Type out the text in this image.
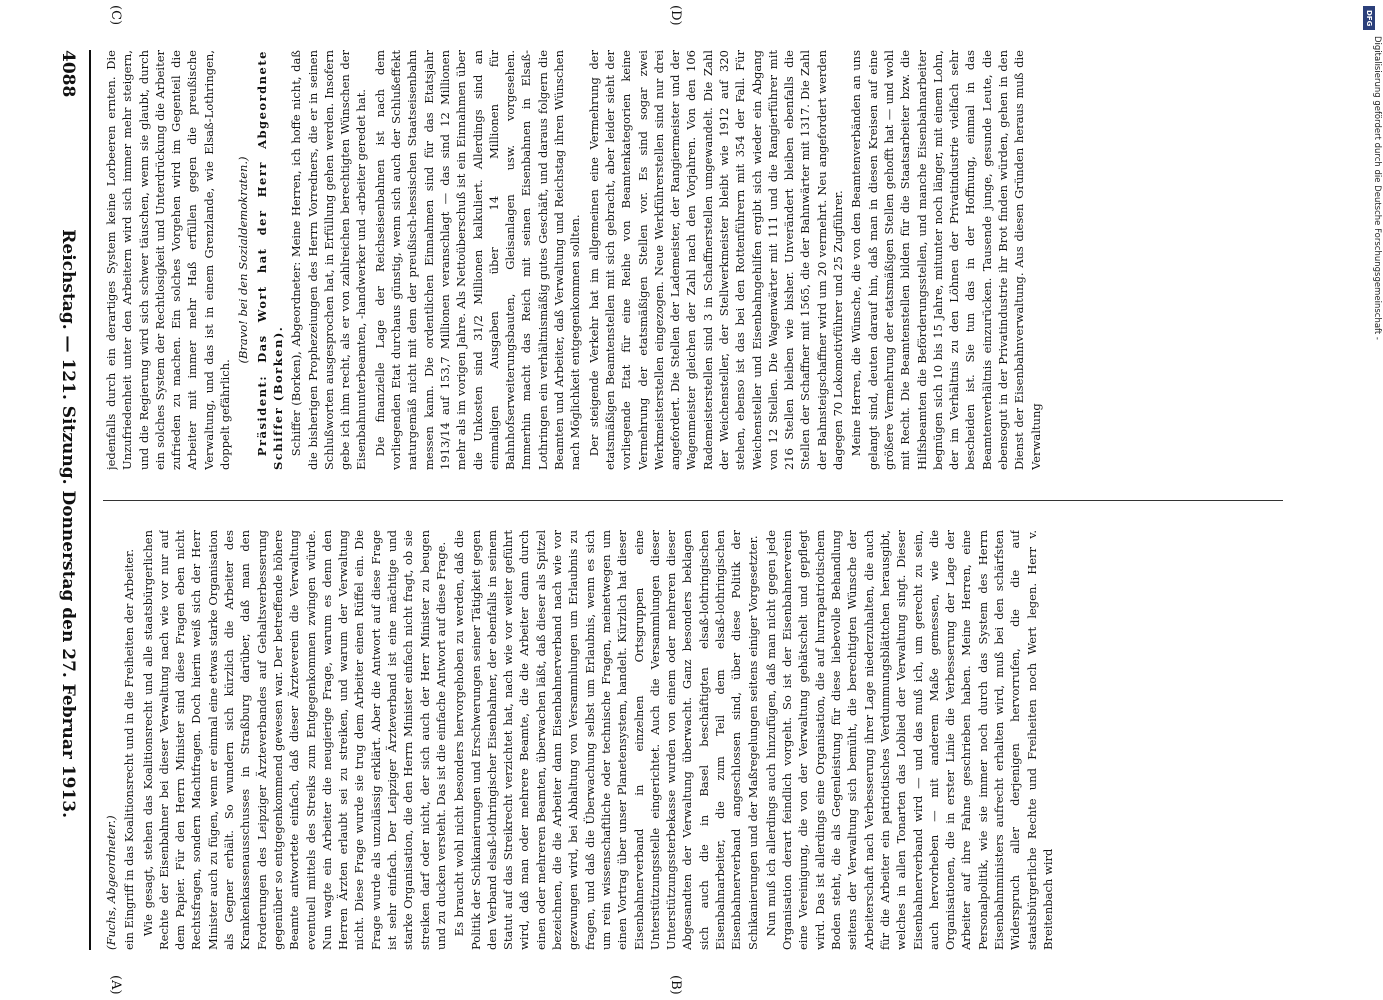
4088
Reichstag. — 121. Sitzung. Donnerstag den 27. Februar 1913.
(A)	(B)
(C)	(D)

(Fuchs, Abgeordneter.) ein Eingriff in das Koalitionsrecht und in die Freiheiten der Arbeiter. Wie gesagt, stehen das Koalitionsrecht und alle staatsbürgerlichen Rechte der Eisenbahner bei dieser Verwaltung nach wie vor nur auf dem Papier. Für den Herrn Minister sind diese Fragen eben nicht Rechtsfragen, sondern Machtfragen. Doch hierin weiß sich der Herr Minister auch zu fügen, wenn er einmal eine etwas starke Organisation als Gegner erhält. So wundern sich kürzlich die Arbeiter des Krankenkassenausschusses in Straßburg darüber, daß man den Forderungen des Leipziger Ärzteverbandes auf Gehaltsverbesserung gegenüber so entgegenkommend gewesen war. Der betreffende höhere Beamte antwortete einfach, daß dieser Ärzteverein die Verwaltung eventuell mittels des Streiks zum Entgegenkommen zwingen würde. Nun wagte ein Arbeiter die neugierige Frage, warum es denn den Herren Ärzten erlaubt sei zu streiken, und warum der Verwaltung nicht. Diese Frage wurde sie trug dem Arbeiter einen Rüffel ein. Die Frage wurde als unzulässig erklärt. Aber die Antwort auf diese Frage ist sehr einfach. Der Leipziger Ärzteverband ist eine mächtige und starke Organisation, die den Herrn Minister einfach nicht fragt, ob sie streiken darf oder nicht, der sich auch der Herr Minister zu beugen und zu ducken versteht. Das ist die einfache Antwort auf diese Frage. Es braucht wohl nicht besonders hervorgehoben zu werden, daß die Politik der Schikanierungen und Erschwerungen seiner Tätigkeit gegen den Verband elsaß-lothringischer Eisenbahner, der ebenfalls in seinem Statut auf das Streikrecht verzichtet hat, nach wie vor weiter geführt wird, daß man oder mehrere Beamte, die die Arbeiter dann durch einen oder mehreren Beamten, überwachen läßt, daß dieser als Spitzel bezeichnen, die die Arbeiter dann Eisenbahnerverband nach wie vor gezwungen wird, bei Abhaltung von Versammlungen um Erlaubnis zu fragen, und daß die Überwachung selbst um Erlaubnis, wenn es sich um rein wissenschaftliche oder technische Fragen, meinetwegen um einen Vortrag über unser Planetensystem, handelt. Kürzlich hat dieser Eisenbahnerverband in einzelnen Ortsgruppen eine Unterstützungsstelle eingerichtet. Auch die Versammlungen dieser Unterstützungssterbekasse wurden von einem oder mehreren dieser Abgesandten der Verwaltung überwacht. Ganz besonders beklagen sich auch die in Basel beschäftigten elsaß-lothringischen Eisenbahnarbeiter, die zum Teil dem elsaß-lothringischen Eisenbahnerverband angeschlossen sind, über diese Politik der Schikanierungen und der Maßregelungen seitens einiger Vorgesetzter. Nun muß ich allerdings auch hinzufügen, daß man nicht gegen jede Organisation derart feindlich vorgeht. So ist der Eisenbahnerverein eine Vereinigung, die von der Verwaltung gehätschelt und gepflegt wird. Das ist allerdings eine Organisation, die auf hurrapatriotischem Boden steht, die als Gegenleistung für diese liebevolle Behandlung seitens der Verwaltung sich bemüht, die berechtigten Wünsche der Arbeiterschaft nach Verbesserung ihrer Lage niederzuhalten, die auch für die Arbeiter ein patriotisches Verdummungsblättchen herausgibt, welches in allen Tonarten das Loblied der Verwaltung singt. Dieser Eisenbahnerverband wird — und das muß ich, um gerecht zu sein, auch hervorheben — mit anderem Maße gemessen, wie die Organisationen, die in erster Linie die Verbesserung der Lage der Arbeiter auf ihre Fahne geschrieben haben. Meine Herren, eine Personalpolitik, wie sie immer noch durch das System des Herrn Eisenbahnministers aufrecht erhalten wird, muß bei den schärfsten Widerspruch aller derjenigen hervorrufen, die die auf staatsbürgerliche Rechte und Freiheiten noch Wert legen. Herr v. Breitenbach wird

jedenfalls durch ein derartiges System keine Lorbeeren ernten. Die Unzufriedenheit unter den Arbeitern wird sich immer mehr steigern, und die Regierung wird sich schwer täuschen, wenn sie glaubt, durch ein solches System der Rechtlosigkeit und Unterdrückung die Arbeiter zufrieden zu machen. Ein solches Vorgehen wird im Gegenteil die Arbeiter mit immer mehr Haß erfüllen gegen die preußische Verwaltung, und das ist in einem Grenzlande, wie Elsaß-Lothringen, doppelt gefährlich.

(Bravo! bei den Sozialdemokraten.) Präsident: Das Wort hat der Herr Abgeordnete Schiffer (Borken). Schiffer (Borken), Abgeordneter: Meine Herren, ich hoffe nicht, daß die bisherigen Prophezeiungen des Herrn Vorredners, die er in seinen Schlußworten ausgesprochen hat, in Erfüllung gehen werden. Insofern gebe ich ihm recht, als er von zahlreichen berechtigten Wünschen der Eisenbahnunterbeamten, -handwerker und -arbeiter geredet hat. Die finanzielle Lage der Reichseisenbahnen ist nach dem vorliegenden Etat durchaus günstig, wenn sich auch der Schlußeffekt naturgemäß nicht mit dem der preußisch-hessischen Staatseisenbahn messen kann. Die ordentlichen Einnahmen sind für das Etatsjahr 1913/14 auf 153,7 Millionen veranschlagt — das sind 12 Millionen mehr als im vorigen Jahre. Als Nettoüberschuß ist ein Einnahmen über die Unkosten sind 31/2 Millionen kalkuliert. Allerdings sind an einmaligen Ausgaben über 14 Millionen für Bahnhofserweiterungsbauten, Gleisanlagen usw. vorgesehen. Immerhin macht das Reich mit seinen Eisenbahnen in Elsaß-Lothringen ein verhältnismäßig gutes Geschäft, und daraus folgern die Beamten und Arbeiter, daß Verwaltung und Reichstag ihren Wünschen nach Möglichkeit entgegenkommen sollten. Der steigende Verkehr hat im allgemeinen eine Vermehrung der etatsmäßigen Beamtenstellen mit sich gebracht, aber leider sieht der vorliegende Etat für eine Reihe von Beamtenkategorien keine Vermehrung der etatsmäßigen Stellen vor. Es sind sogar zwei Werkmeisterstellen eingezogen. Neue Werkführerstellen sind nur drei angefordert. Die Stellen der Lademeister, der Rangiermeister und der Wagenmeister gleichen der Zahl nach den Vorjahren. Von den 106 Rademeisterstellen sind 3 in Schaffnerstellen umgewandelt. Die Zahl der Weichensteller, der Stellwerkmeister bleibt wie 1912 auf 320 stehen, ebenso ist das bei den Rottenführern mit 354 der Fall. Für Weichensteller und Eisenbahngehilfen ergibt sich wieder ein Abgang von 12 Stellen. Die Wagenwärter mit 111 und die Rangierführer mit 216 Stellen bleiben wie bisher. Unverändert bleiben ebenfalls die Stellen der Schaffner mit 1565, die der Bahnwärter mit 1317. Die Zahl der Bahnsteigschaffner wird um 20 vermehrt. Neu angefordert werden dagegen 70 Lokomotivführer und 25 Zugführer. Meine Herren, die Wünsche, die von den Beamtenverbänden an uns gelangt sind, deuten darauf hin, daß man in diesen Kreisen auf eine größere Vermehrung der etatsmäßigen Stellen gehofft hat — und wohl mit Recht. Die Beamtenstellen bilden für die Staatsarbeiter bzw. die Hilfsbeamten die Beförderungsstellen, und manche Eisenbahnarbeiter begnügen sich 10 bis 15 Jahre, mitunter noch länger, mit einem Lohn, der im Verhältnis zu den Löhnen der Privatindustrie vielfach sehr bescheiden ist. Sie tun das in der Hoffnung, einmal in das Beamtenverhältnis einzurücken. Tausende junge, gesunde Leute, die ebensogut in der Privatindustrie ihr Brot finden würden, gehen in den Dienst der Eisenbahnverwaltung. Aus diesen Gründen heraus muß die Verwaltung

DFG
Digitalisierung gefördert durch die Deutsche Forschungsgemeinschaft -
